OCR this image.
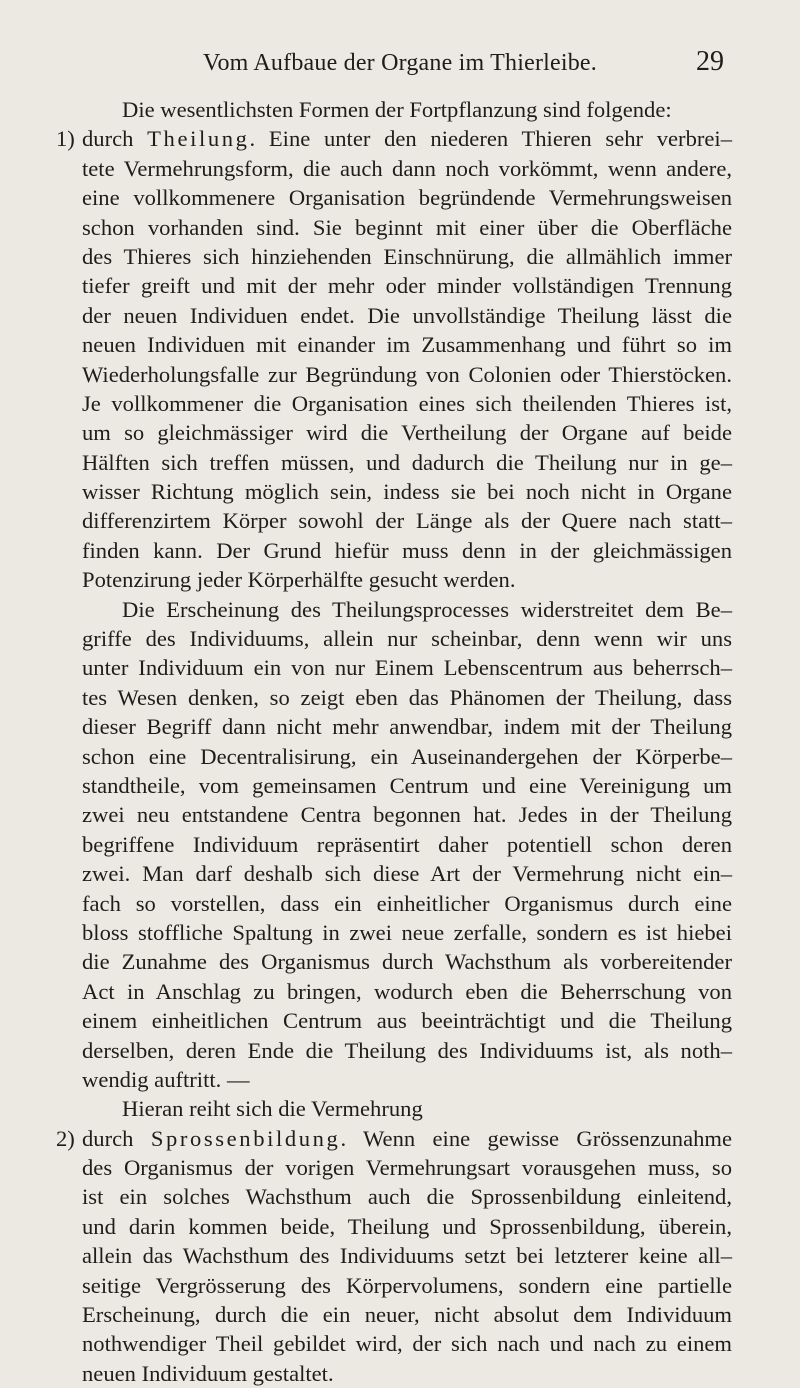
Vom Aufbaue der Organe im Thierleibe.	29
Die wesentlichsten Formen der Fortpflanzung sind folgende:
1) durch Theilung. Eine unter den niederen Thieren sehr verbrei–
tete Vermehrungsform, die auch dann noch vorkömmt, wenn andere,
eine vollkommenere Organisation begründende Vermehrungsweisen
schon vorhanden sind. Sie beginnt mit einer über die Oberfläche
des Thieres sich hinziehenden Einschnürung, die allmählich immer
tiefer greift und mit der mehr oder minder vollständigen Trennung
der neuen Individuen endet. Die unvollständige Theilung lässt die
neuen Individuen mit einander im Zusammenhang und führt so im
Wiederholungsfalle zur Begründung von Colonien oder Thierstöcken.
Je vollkommener die Organisation eines sich theilenden Thieres ist,
um so gleichmässiger wird die Vertheilung der Organe auf beide
Hälften sich treffen müssen, und dadurch die Theilung nur in ge–
wisser Richtung möglich sein, indess sie bei noch nicht in Organe
differenzirtem Körper sowohl der Länge als der Quere nach statt–
finden kann. Der Grund hiefür muss denn in der gleichmässigen
Potenzirung jeder Körperhälfte gesucht werden.
Die Erscheinung des Theilungsprocesses widerstreitet dem Be–
griffe des Individuums, allein nur scheinbar, denn wenn wir uns
unter Individuum ein von nur Einem Lebenscentrum aus beherrsch–
tes Wesen denken, so zeigt eben das Phänomen der Theilung, dass
dieser Begriff dann nicht mehr anwendbar, indem mit der Theilung
schon eine Decentralisirung, ein Auseinandergehen der Körperbe–
standtheile, vom gemeinsamen Centrum und eine Vereinigung um
zwei neu entstandene Centra begonnen hat. Jedes in der Theilung
begriffene Individuum repräsentirt daher potentiell schon deren
zwei. Man darf deshalb sich diese Art der Vermehrung nicht ein–
fach so vorstellen, dass ein einheitlicher Organismus durch eine
bloss stoffliche Spaltung in zwei neue zerfalle, sondern es ist hiebei
die Zunahme des Organismus durch Wachsthum als vorbereitender
Act in Anschlag zu bringen, wodurch eben die Beherrschung von
einem einheitlichen Centrum aus beeinträchtigt und die Theilung
derselben, deren Ende die Theilung des Individuums ist, als noth–
wendig auftritt. —
Hieran reiht sich die Vermehrung
2) durch Sprossenbildung. Wenn eine gewisse Grössenzunahme
des Organismus der vorigen Vermehrungsart vorausgehen muss, so
ist ein solches Wachsthum auch die Sprossenbildung einleitend,
und darin kommen beide, Theilung und Sprossenbildung, überein,
allein das Wachsthum des Individuums setzt bei letzterer keine all–
seitige Vergrösserung des Körpervolumens, sondern eine partielle
Erscheinung, durch die ein neuer, nicht absolut dem Individuum
nothwendiger Theil gebildet wird, der sich nach und nach zu einem
neuen Individuum gestaltet.
